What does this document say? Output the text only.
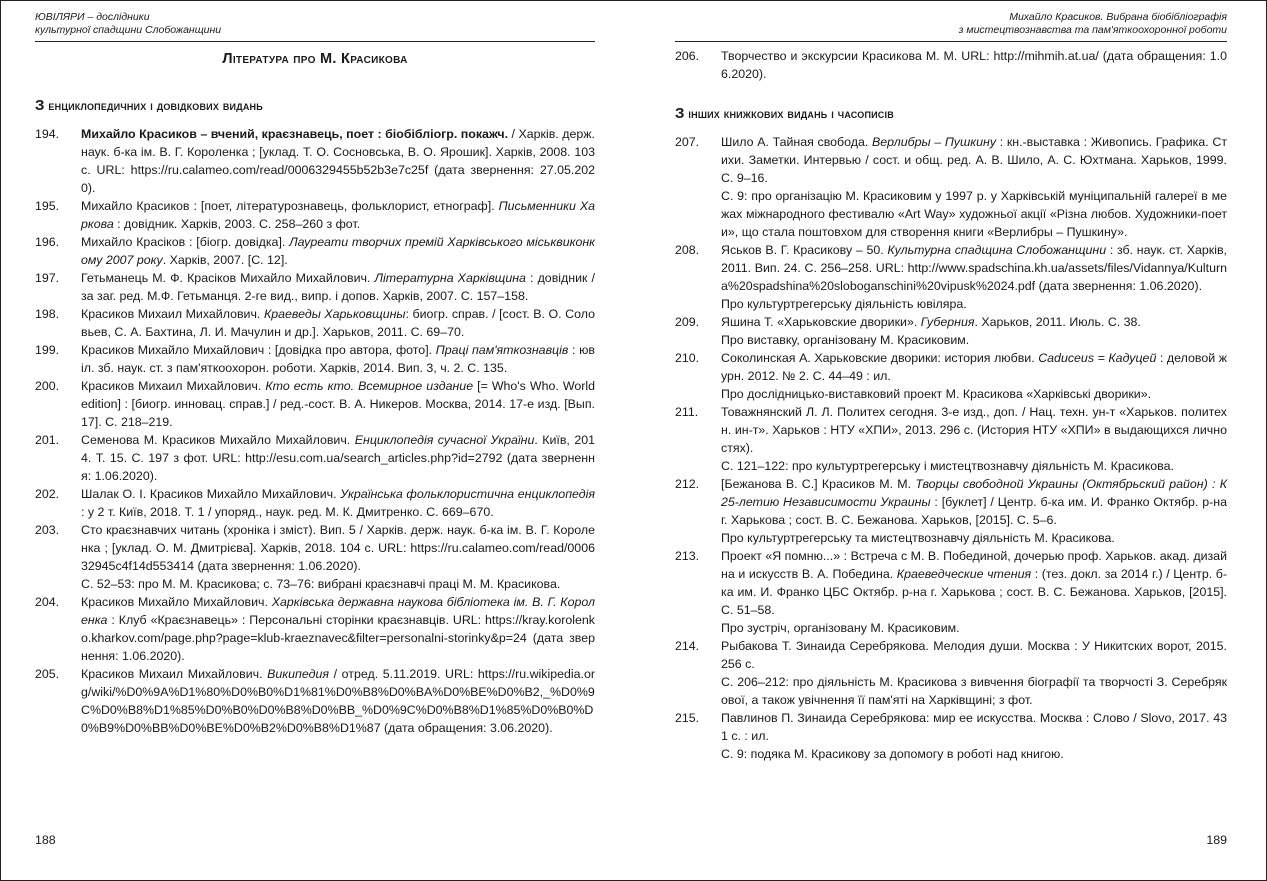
ЮВІЛЯРИ – дослідники
культурної спадщини Слобожанщини
Література про М. Красикова
З енциклопедичних і довідкових видань
194. Михайло Красиков – вчений, краєзнавець, поет : біобібліогр. покажч. / Харків. держ. наук. б-ка ім. В. Г. Короленка ; [уклад. Т. О. Сосновська, В. О. Ярошик]. Харків, 2008. 103 с. URL: https://ru.calameo.com/read/0006329455b52b3e7c25f (дата звернення: 27.05.2020).
195. Михайло Красиков : [поет, літературознавець, фольклорист, етнограф]. Письменники Харкова : довідник. Харків, 2003. С. 258–260 з фот.
196. Михайло Красіков : [біогр. довідка]. Лауреати творчих премій Харківського міськвиконкому 2007 року. Харків, 2007. [С. 12].
197. Гетьманець М. Ф. Красіков Михайло Михайлович. Літературна Харківщина : довідник / за заг. ред. М.Ф. Гетьманця. 2-ге вид., випр. і допов. Харків, 2007. С. 157–158.
198. Красиков Михаил Михайлович. Краеведы Харьковщины: биогр. справ. / [сост. В. О. Соловьев, С. А. Бахтина, Л. И. Мачулин и др.]. Харьков, 2011. С. 69–70.
199. Красиков Михайло Михайлович : [довідка про автора, фото]. Праці пам'яткознавців : ювіл. зб. наук. ст. з пам'яткоохорон. роботи. Харків, 2014. Вип. 3, ч. 2. С. 135.
200. Красиков Михаил Михайлович. Кто есть кто. Всемирное издание [= Who's Who. World edition] : [биогр. инновац. справ.] / ред.-сост. В. А. Никеров. Москва, 2014. 17-е изд. [Вып. 17]. С. 218–219.
201. Семенова М. Красиков Михайло Михайлович. Енциклопедія сучасної України. Київ, 2014. Т. 15. С. 197 з фот. URL: http://esu.com.ua/search_articles.php?id=2792 (дата звернення: 1.06.2020).
202. Шалак О. І. Красиков Михайло Михайлович. Українська фольклористична енциклопедія : у 2 т. Київ, 2018. Т. 1 / упоряд., наук. ред. М. К. Дмитренко. С. 669–670.
203. Сто краєзнавчих читань (хроніка і зміст). Вип. 5 / Харків. держ. наук. б-ка ім. В. Г. Короленка ; [уклад. О. М. Дмитрієва]. Харків, 2018. 104 с. URL: https://ru.calameo.com/read/000632945c4f14d553414 (дата звернення: 1.06.2020).
С. 52–53: про М. М. Красикова; с. 73–76: вибрані краєзнавчі праці М. М. Красикова.
204. Красиков Михайло Михайлович. Харківська державна наукова бібліотека ім. В. Г. Короленка : Клуб «Краєзнавець» : Персональні сторінки краєзнавців. URL: https://kray.korolenko.kharkov.com/page.php?page=klub-kraeznavec&filter=personalni-storinky&p=24 (дата звернення: 1.06.2020).
205. Красиков Михаил Михайлович. Википедия / отред. 5.11.2019. URL: https://ru.wikipedia.org/wiki/%D0%9A%D1%80%D0%B0%D1%81%D0%B8%D0%BA%D0%BE%D0%B2,_%D0%9C%D0%B8%D1%85%D0%B0%D0%B8%D0%BB_%D0%9C%D0%B8%D1%85%D0%B0%D0%B9%D0%BB%D0%BE%D0%B2%D0%B8%D1%87 (дата обращения: 3.06.2020).
188
Михайло Красиков. Вибрана біобібліографія
з мистецтвознавства та пам'яткоохоронної роботи
206. Творчество и экскурсии Красикова М. М. URL: http://mihmih.at.ua/ (дата обращения: 1.06.2020).
З інших книжкових видань і часописів
207. Шило А. Тайная свобода. Верлибры – Пушкину : кн.-выставка : Живопись. Графика. Стихи. Заметки. Интервью / сост. и общ. ред. А. В. Шило, А. С. Юхтмана. Харьков, 1999. С. 9–16.
С. 9: про організацію М. Красиковим у 1997 р. у Харківській муніципальній галереї в межах міжнародного фестивалю «Art Way» художньої акції «Різна любов. Художники-поети», що стала поштовхом для створення книги «Верлибры – Пушкину».
208. Яськов В. Г. Красикову – 50. Культурна спадщина Слобожанщини : зб. наук. ст. Харків, 2011. Вип. 24. С. 256–258. URL: http://www.spadschina.kh.ua/assets/files/Vidannya/Kulturna%20spadshina%20sloboganschini%20vipusk%2024.pdf (дата звернення: 1.06.2020).
Про культуртрегерську діяльність ювіляра.
209. Яшина Т. «Харьковские дворики». Губерния. Харьков, 2011. Июль. С. 38.
Про виставку, організовану М. Красиковим.
210. Соколинская А. Харьковские дворики: история любви. Caduceus = Кадуцей : деловой журн. 2012. № 2. С. 44–49 : ил.
Про дослідницько-виставковий проект М. Красикова «Харківські дворики».
211. Товажнянский Л. Л. Политех сегодня. 3-е изд., доп. / Нац. техн. ун-т «Харьков. политехн. ин-т». Харьков : НТУ «ХПИ», 2013. 296 с. (История НТУ «ХПИ» в выдающихся личностях).
С. 121–122: про культуртрегерську і мистецтвознавчу діяльність М. Красикова.
212. [Бежанова В. С.] Красиков М. М. Творцы свободной Украины (Октябрьский район) : К 25-летию Независимости Украины : [буклет] / Центр. б-ка им. И. Франко Октябр. р-на г. Харькова ; сост. В. С. Бежанова. Харьков, [2015]. С. 5–6.
Про культуртрегерську та мистецтвознавчу діяльність М. Красикова.
213. Проект «Я помню...» : Встреча с М. В. Побединой, дочерью проф. Харьков. акад. дизайна и искусств В. А. Победина. Краеведческие чтения : (тез. докл. за 2014 г.) / Центр. б-ка им. И. Франко ЦБС Октябр. р-на г. Харькова ; сост. В. С. Бежанова. Харьков, [2015]. С. 51–58.
Про зустріч, організовану М. Красиковим.
214. Рыбакова Т. Зинаида Серебрякова. Мелодия души. Москва : У Никитских ворот, 2015. 256 с.
С. 206–212: про діяльність М. Красикова з вивчення біографії та творчості З. Серебрякової, а також увічнення її пам'яті на Харківщині; з фот.
215. Павлинов П. Зинаида Серебрякова: мир ее искусства. Москва : Слово / Slovo, 2017. 431 с. : ил.
С. 9: подяка М. Красикову за допомогу в роботі над книгою.
189
